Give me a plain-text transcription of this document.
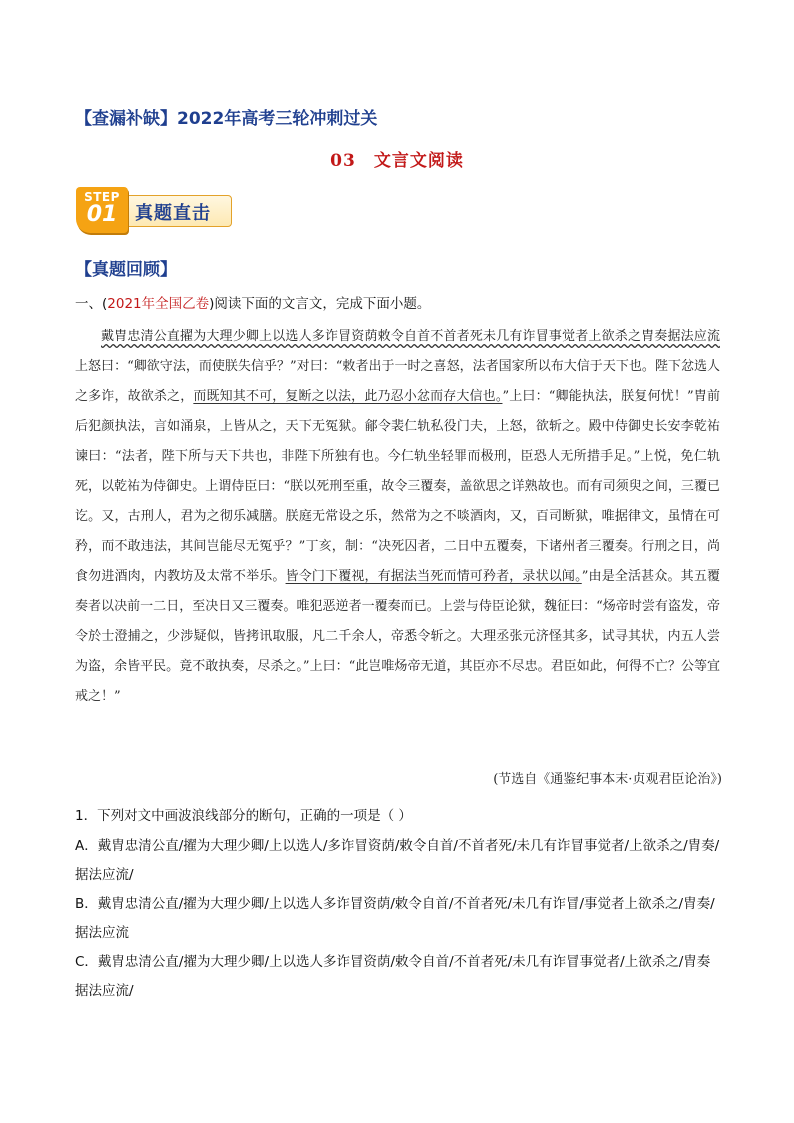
【查漏补缺】2022年高考三轮冲刺过关
03 文言文阅读
真题直击
STEP
01
【真题回顾】
一、(2021年全国乙卷)阅读下面的文言文，完成下面小题。
戴胄忠清公直擢为大理少卿上以选人多诈冒资荫敕令自首不首者死未几有诈冒事觉者上欲杀之胄奏据法应流上怒曰：“卿欲守法，而使朕失信乎？”对曰：“敕者出于一时之喜怒，法者国家所以布大信于天下也。陛下忿选人之多诈，故欲杀之，而既知其不可，复断之以法，此乃忍小忿而存大信也。”上曰：“卿能执法，朕复何忧！”胄前后犯颜执法，言如涌泉，上皆从之，天下无冤狱。鄃令裴仁轨私役门夫，上怒，欲斩之。殿中侍御史长安李乾祐谏曰：“法者，陛下所与天下共也，非陛下所独有也。今仁轨坐轻罪而极刑，臣恐人无所措手足。”上悦，免仁轨死，以乾祐为侍御史。上谓侍臣曰：“朕以死刑至重，故令三覆奏，盖欲思之详熟故也。而有司须臾之间，三覆已讫。又，古刑人，君为之彻乐减膳。朕庭无常设之乐，然常为之不啖酒肉，又，百司断狱，唯据律文，虽情在可矜，而不敢违法，其间岂能尽无冤乎？”丁亥，制：“决死囚者，二日中五覆奏，下诸州者三覆奏。行刑之日，尚食勿进酒肉，内教坊及太常不举乐。皆令门下覆视，有据法当死而情可矜者，录状以闻。”由是全活甚众。其五覆奏者以决前一二日，至决日又三覆奏。唯犯恶逆者一覆奏而已。上尝与侍臣论狱，魏征曰：“炀帝时尝有盗发，帝令於士澄捕之，少涉疑似，皆拷讯取服，凡二千余人，帝悉令斩之。大理丞张元济怪其多，试寻其状，内五人尝为盗，余皆平民。竟不敢执奏，尽杀之。”上曰：“此岂唯炀帝无道，其臣亦不尽忠。君臣如此，何得不亡？公等宜戒之！”
(节选自《通鉴纪事本末·贞观君臣论治》)
1．下列对文中画波浪线部分的断句，正确的一项是（ ）
A．戴胄忠清公直/擢为大理少卿/上以选人/多诈冒资荫/敕令自首/不首者死/未几有诈冒事觉者/上欲杀之/胄奏/据法应流/
B．戴胄忠清公直/擢为大理少卿/上以选人多诈冒资荫/敕令自首/不首者死/未几有诈冒/事觉者上欲杀之/胄奏/据法应流
C．戴胄忠清公直/擢为大理少卿/上以选人多诈冒资荫/敕令自首/不首者死/未几有诈冒事觉者/上欲杀之/胄奏据法应流/
